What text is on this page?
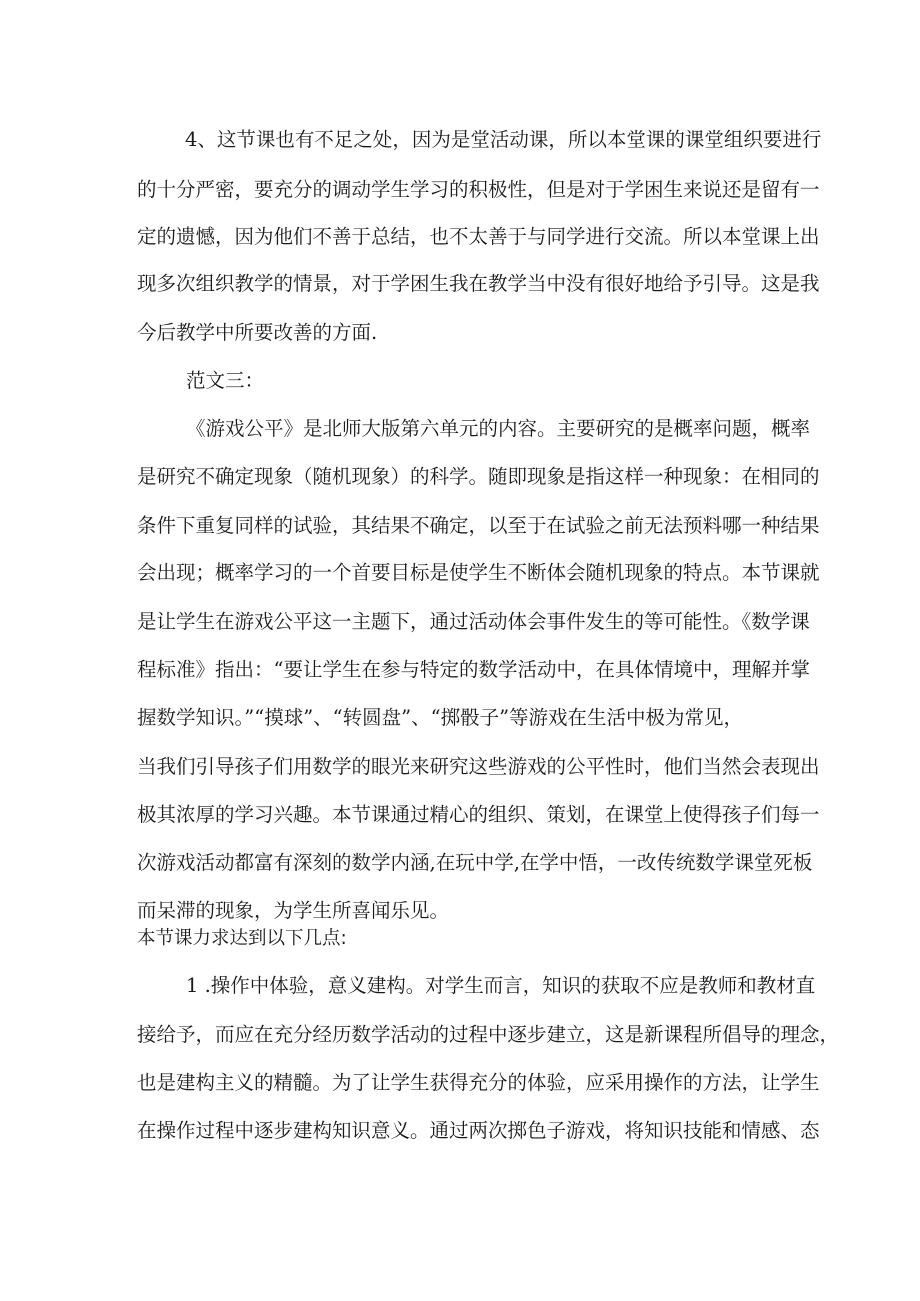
4、这节课也有不足之处，因为是堂活动课，所以本堂课的课堂组织要进行

的十分严密，要充分的调动学生学习的积极性，但是对于学困生来说还是留有一

定的遗憾，因为他们不善于总结，也不太善于与同学进行交流。所以本堂课上出

现多次组织教学的情景，对于学困生我在教学当中没有很好地给予引导。这是我

今后教学中所要改善的方面.

范文三：

《游戏公平》是北师大版第六单元的内容。主要研究的是概率问题，概率

是研究不确定现象（随机现象）的科学。随即现象是指这样一种现象：在相同的

条件下重复同样的试验，其结果不确定，以至于在试验之前无法预料哪一种结果

会出现；概率学习的一个首要目标是使学生不断体会随机现象的特点。本节课就

是让学生在游戏公平这一主题下，通过活动体会事件发生的等可能性。《数学课

程标准》指出：“要让学生在参与特定的数学活动中，在具体情境中，理解并掌

握数学知识。”“摸球”、“转圆盘”、“掷骰子”等游戏在生活中极为常见，

当我们引导孩子们用数学的眼光来研究这些游戏的公平性时，他们当然会表现出

极其浓厚的学习兴趣。本节课通过精心的组织、策划，在课堂上使得孩子们每一

次游戏活动都富有深刻的数学内涵,在玩中学,在学中悟，一改传统数学课堂死板

而呆滞的现象，为学生所喜闻乐见。

本节课力求达到以下几点:

1 .操作中体验，意义建构。对学生而言，知识的获取不应是教师和教材直

接给予，而应在充分经历数学活动的过程中逐步建立，这是新课程所倡导的理念，

也是建构主义的精髓。为了让学生获得充分的体验，应采用操作的方法，让学生

在操作过程中逐步建构知识意义。通过两次掷色子游戏，将知识技能和情感、态
